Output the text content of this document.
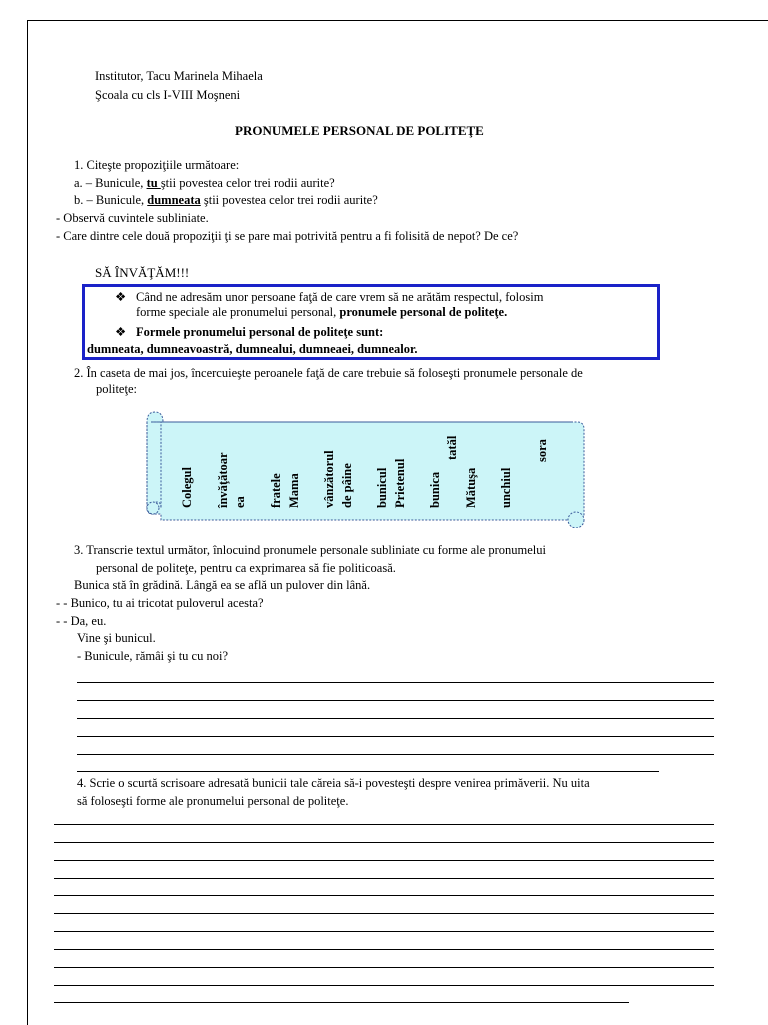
Institutor, Tacu Marinela Mihaela
Şcoala cu cls I-VIII Moşneni
PRONUMELE PERSONAL DE POLITEŢE
1. Citeşte propoziţiile următoare:
a. – Bunicule, tu ştii povestea celor trei rodii aurite?
b. – Bunicule, dumneata ştii povestea celor trei rodii aurite?
- Observă cuvintele subliniate.
- Care dintre cele două propoziţii ţi se pare mai potrivită pentru a fi folisită de nepot? De ce?
SĂ ÎNVĂŢĂM!!!
❖ Când ne adresăm unor persoane faţă de care vrem să ne arătăm respectul, folosim
forme speciale ale pronumelui personal, pronumele personal de politeţe.
❖ Formele pronumelui personal de politeţe sunt:
dumneata, dumneavoastră, dumnealui, dumneaei, dumnealor.
2. În caseta de mai jos, încercuieşte peroanele faţă de care trebuie să foloseşti pronumele personale de
politeţe:
Colegul învăţătoar ea fratele Mama vânzătorul de pâine bunicul Prietenul bunica
tatăl
Mătuşa unchiul
sora
3. Transcrie textul următor, înlocuind pronumele personale subliniate cu forme ale pronumelui
personal de politeţe, pentru ca exprimarea să fie politicoasă.
Bunica stă în grădină. Lângă ea se află un pulover din lână.
- - Bunico, tu ai tricotat puloverul acesta?
- - Da, eu.
Vine şi bunicul.
- Bunicule, rămâi şi tu cu noi?
4. Scrie o scurtă scrisoare adresată bunicii tale căreia să-i povesteşti despre venirea primăverii. Nu uita
să foloseşti forme ale pronumelui personal de politeţe.
